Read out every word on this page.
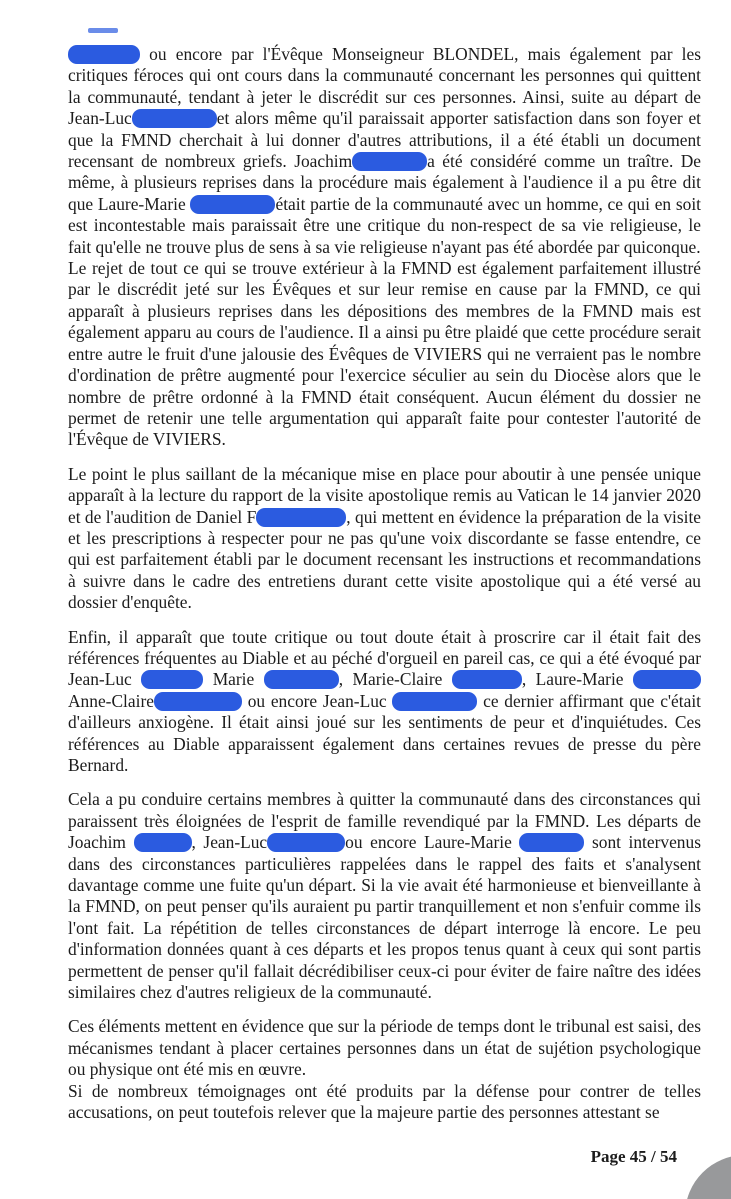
ou encore par l'Évêque Monseigneur BLONDEL, mais également par les critiques féroces qui ont cours dans la communauté concernant les personnes qui quittent la communauté, tendant à jeter le discrédit sur ces personnes. Ainsi, suite au départ de Jean-Luc	et alors même qu'il paraissait apporter satisfaction dans son foyer et que la FMND cherchait à lui donner d'autres attributions, il a été établi un document recensant de nombreux griefs. Joachim	a été considéré comme un traître. De même, à plusieurs reprises dans la procédure mais également à l'audience il a pu être dit que Laure-Marie	était partie de la communauté avec un homme, ce qui en soit est incontestable mais paraissait être une critique du non-respect de sa vie religieuse, le fait qu'elle ne trouve plus de sens à sa vie religieuse n'ayant pas été abordée par quiconque.

Le rejet de tout ce qui se trouve extérieur à la FMND est également parfaitement illustré par le discrédit jeté sur les Évêques et sur leur remise en cause par la FMND, ce qui apparaît à plusieurs reprises dans les dépositions des membres de la FMND mais est également apparu au cours de l'audience. Il a ainsi pu être plaidé que cette procédure serait entre autre le fruit d'une jalousie des Évêques de VIVIERS qui ne verraient pas le nombre d'ordination de prêtre augmenté pour l'exercice séculier au sein du Diocèse alors que le nombre de prêtre ordonné à la FMND était conséquent. Aucun élément du dossier ne permet de retenir une telle argumentation qui apparaît faite pour contester l'autorité de l'Évêque de VIVIERS.

Le point le plus saillant de la mécanique mise en place pour aboutir à une pensée unique apparaît à la lecture du rapport de la visite apostolique remis au Vatican le 14 janvier 2020 et de l'audition de Daniel F	, qui mettent en évidence la préparation de la visite et les prescriptions à respecter pour ne pas qu'une voix discordante se fasse entendre, ce qui est parfaitement établi par le document recensant les instructions et recommandations à suivre dans le cadre des entretiens durant cette visite apostolique qui a été versé au dossier d'enquête.

Enfin, il apparaît que toute critique ou tout doute était à proscrire car il était fait des références fréquentes au Diable et au péché d'orgueil en pareil cas, ce qui a été évoqué par Jean-Luc	Marie	, Marie-Claire	, Laure-Marie  Anne-Claire	ou encore Jean-Luc	ce dernier affirmant que c'était d'ailleurs anxiogène. Il était ainsi joué sur les sentiments de peur et d'inquiétudes. Ces références au Diable apparaissent également dans certaines revues de presse du père Bernard.

Cela a pu conduire certains membres à quitter la communauté dans des circonstances qui paraissent très éloignées de l'esprit de famille revendiqué par la FMND. Les départs de Joachim	, Jean-Luc	ou encore Laure-Marie	sont intervenus dans des circonstances particulières rappelées dans le rappel des faits et s'analysent davantage comme une fuite qu'un départ. Si la vie avait été harmonieuse et bienveillante à la FMND, on peut penser qu'ils auraient pu partir tranquillement et non s'enfuir comme ils l'ont fait. La répétition de telles circonstances de départ interroge là encore. Le peu d'information données quant à ces départs et les propos tenus quant à ceux qui sont partis permettent de penser qu'il fallait décrédibiliser ceux-ci pour éviter de faire naître des idées similaires chez d'autres religieux de la communauté.

Ces éléments mettent en évidence que sur la période de temps dont le tribunal est saisi, des mécanismes tendant à placer certaines personnes dans un état de sujétion psychologique ou physique ont été mis en œuvre.

Si de nombreux témoignages ont été produits par la défense pour contrer de telles accusations, on peut toutefois relever que la majeure partie des personnes attestant se

Page 45 / 54
